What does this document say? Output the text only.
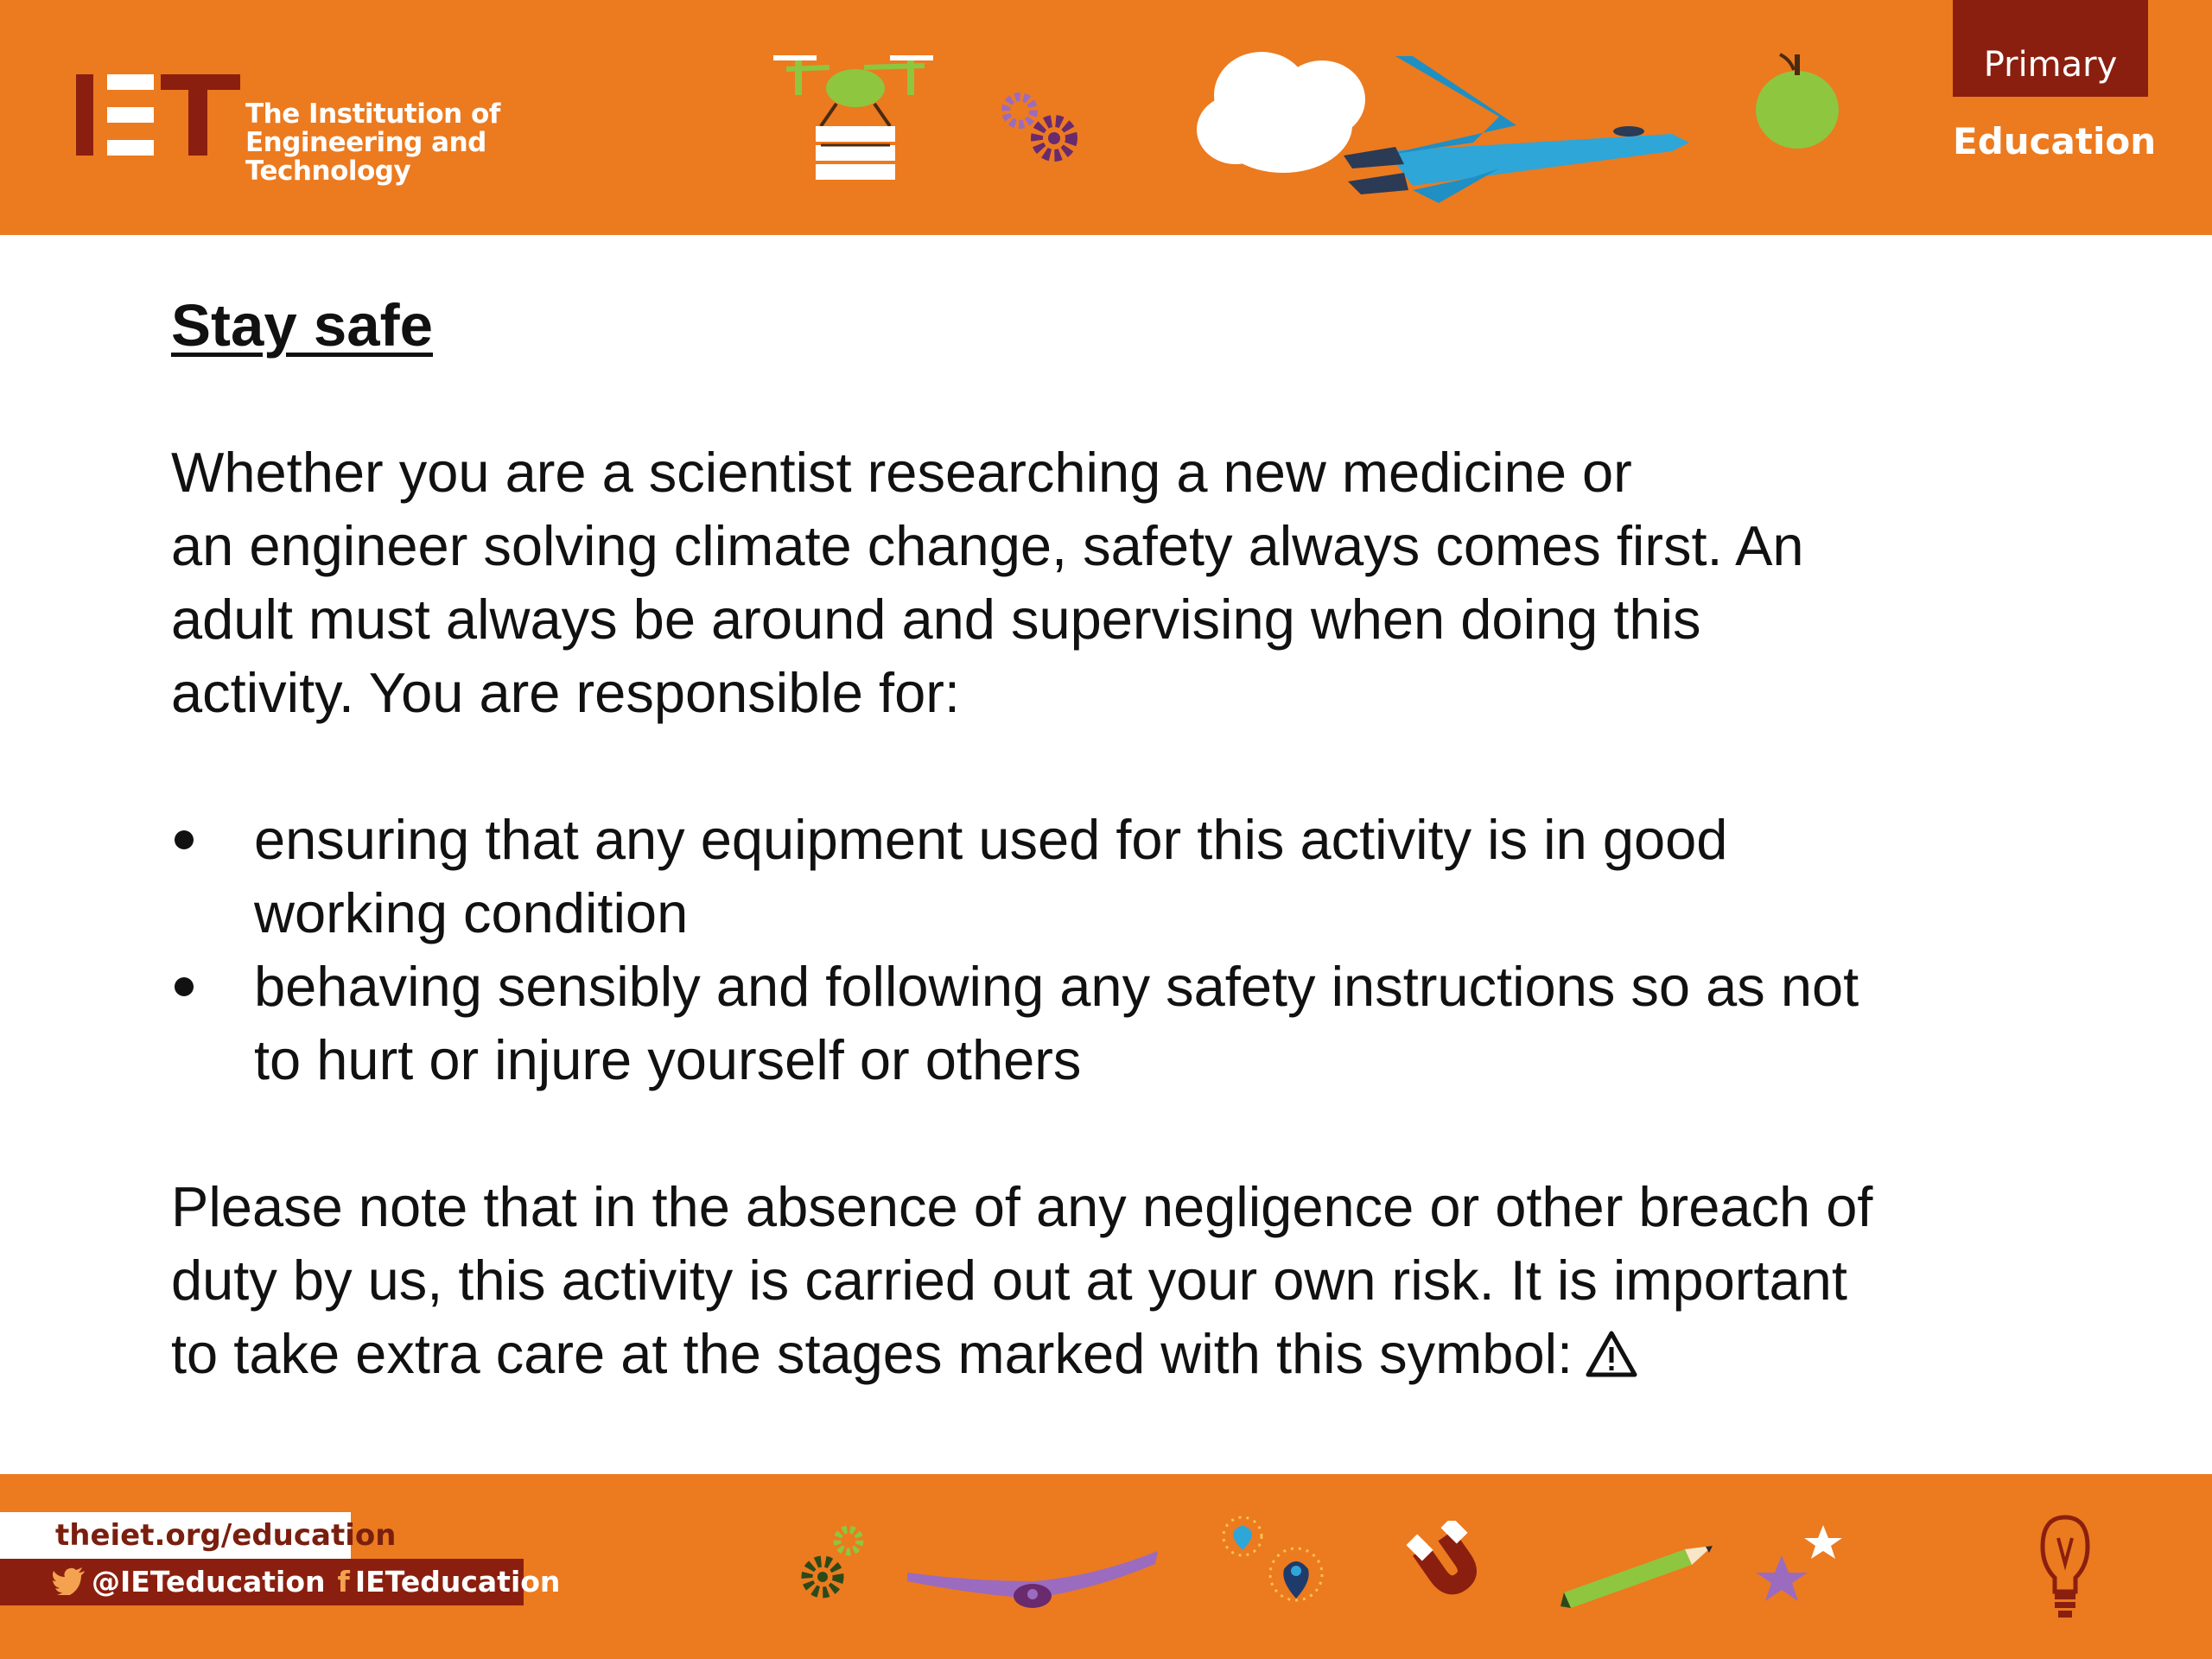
The Institution of
Engineering and Technology
Primary
Education
Stay safe

Whether you are a scientist researching a new medicine or
an engineer solving climate change, safety always comes first. An
adult must always be around and supervising when doing this
activity. You are responsible for:

ensuring that any equipment used for this activity is in good
working condition
behaving sensibly and following any safety instructions so as not
to hurt or injure yourself or others

Please note that in the absence of any negligence or other breach of
duty by us, this activity is carried out at your own risk. It is important
to take extra care at the stages marked with this symbol:

theiet.org/education
@IETeducation f IETeducation
